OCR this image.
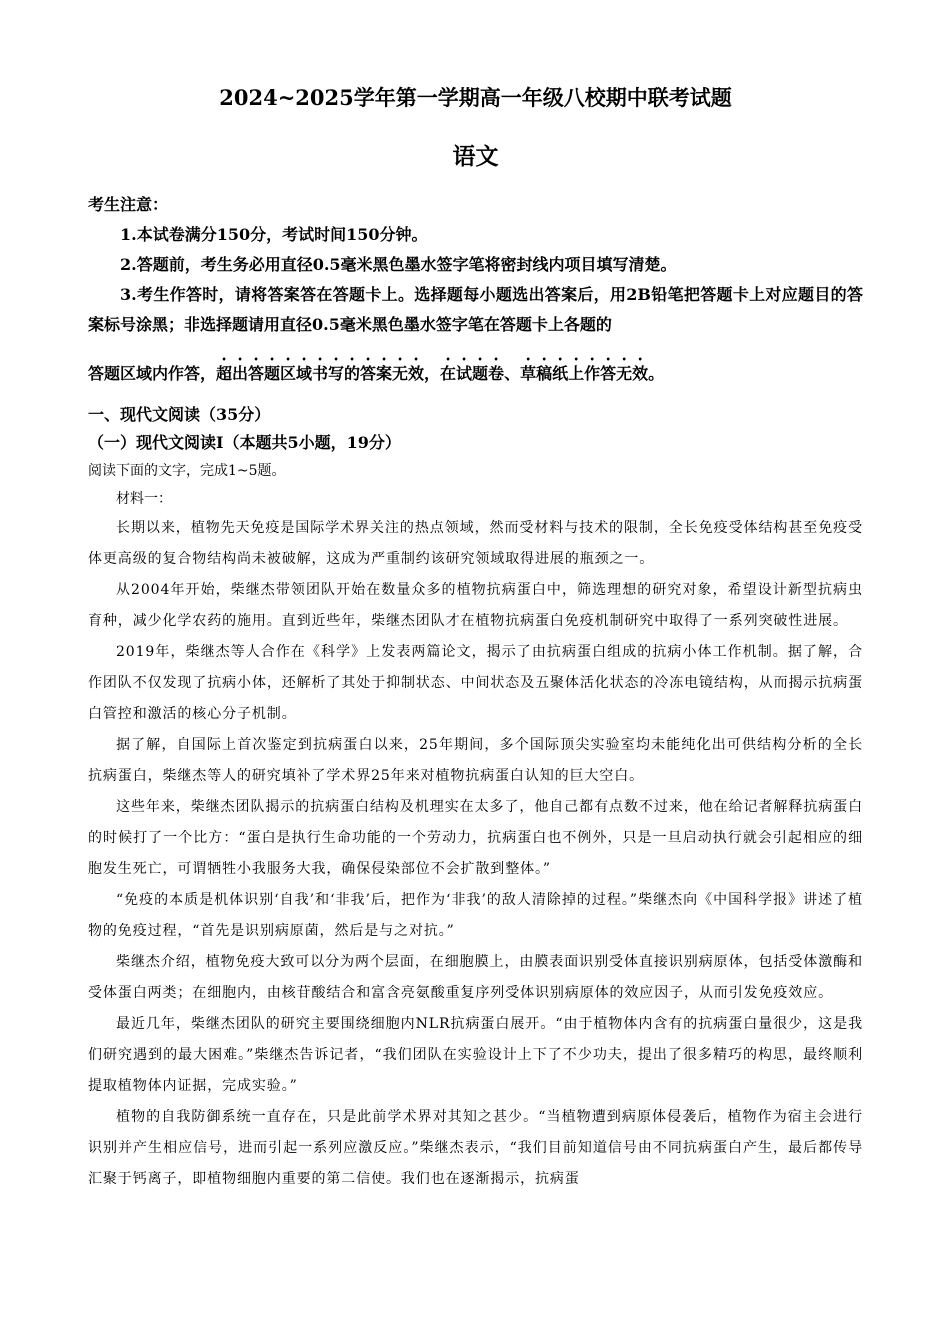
2024~2025学年第一学期高一年级八校期中联考试题
语文

考生注意：

1.本试卷满分150分，考试时间150分钟。

2.答题前，考生务必用直径0.5毫米黑色墨水签字笔将密封线内项目填写清楚。

3.考生作答时，请将答案答在答题卡上。选择题每小题选出答案后，用2B铅笔把答题卡上对应题目的答案标号涂黑；非选择题请用直径0.5毫米黑色墨水签字笔在答题卡上各题的

答题区域内作答，超出答题区域书写的答案无效，在试题卷、草稿纸上作答无效。

一、现代文阅读（35分）

（一）现代文阅读Ⅰ（本题共5小题，19分）

阅读下面的文字，完成1~5题。

材料一：

长期以来，植物先天免疫是国际学术界关注的热点领域，然而受材料与技术的限制，全长免疫受体结构甚至免疫受体更高级的复合物结构尚未被破解，这成为严重制约该研究领域取得进展的瓶颈之一。

从2004年开始，柴继杰带领团队开始在数量众多的植物抗病蛋白中，筛选理想的研究对象，希望设计新型抗病虫育种，减少化学农药的施用。直到近些年，柴继杰团队才在植物抗病蛋白免疫机制研究中取得了一系列突破性进展。

2019年，柴继杰等人合作在《科学》上发表两篇论文，揭示了由抗病蛋白组成的抗病小体工作机制。据了解，合作团队不仅发现了抗病小体，还解析了其处于抑制状态、中间状态及五聚体活化状态的冷冻电镜结构，从而揭示抗病蛋白管控和激活的核心分子机制。

据了解，自国际上首次鉴定到抗病蛋白以来，25年期间，多个国际顶尖实验室均未能纯化出可供结构分析的全长抗病蛋白，柴继杰等人的研究填补了学术界25年来对植物抗病蛋白认知的巨大空白。

这些年来，柴继杰团队揭示的抗病蛋白结构及机理实在太多了，他自己都有点数不过来，他在给记者解释抗病蛋白的时候打了一个比方：“蛋白是执行生命功能的一个劳动力，抗病蛋白也不例外，只是一旦启动执行就会引起相应的细胞发生死亡，可谓牺牲小我服务大我，确保侵染部位不会扩散到整体。”

“免疫的本质是机体识别‘自我’和‘非我’后，把作为‘非我’的敌人清除掉的过程。”柴继杰向《中国科学报》讲述了植物的免疫过程，“首先是识别病原菌，然后是与之对抗。”

柴继杰介绍，植物免疫大致可以分为两个层面，在细胞膜上，由膜表面识别受体直接识别病原体，包括受体激酶和受体蛋白两类；在细胞内，由核苷酸结合和富含亮氨酸重复序列受体识别病原体的效应因子，从而引发免疫效应。

最近几年，柴继杰团队的研究主要围绕细胞内NLR抗病蛋白展开。“由于植物体内含有的抗病蛋白量很少，这是我们研究遇到的最大困难。”柴继杰告诉记者，“我们团队在实验设计上下了不少功夫，提出了很多精巧的构思，最终顺利提取植物体内证据，完成实验。”

植物的自我防御系统一直存在，只是此前学术界对其知之甚少。“当植物遭到病原体侵袭后，植物作为宿主会进行识别并产生相应信号，进而引起一系列应激反应。”柴继杰表示，“我们目前知道信号由不同抗病蛋白产生，最后都传导汇聚于钙离子，即植物细胞内重要的第二信使。我们也在逐渐揭示，抗病蛋
